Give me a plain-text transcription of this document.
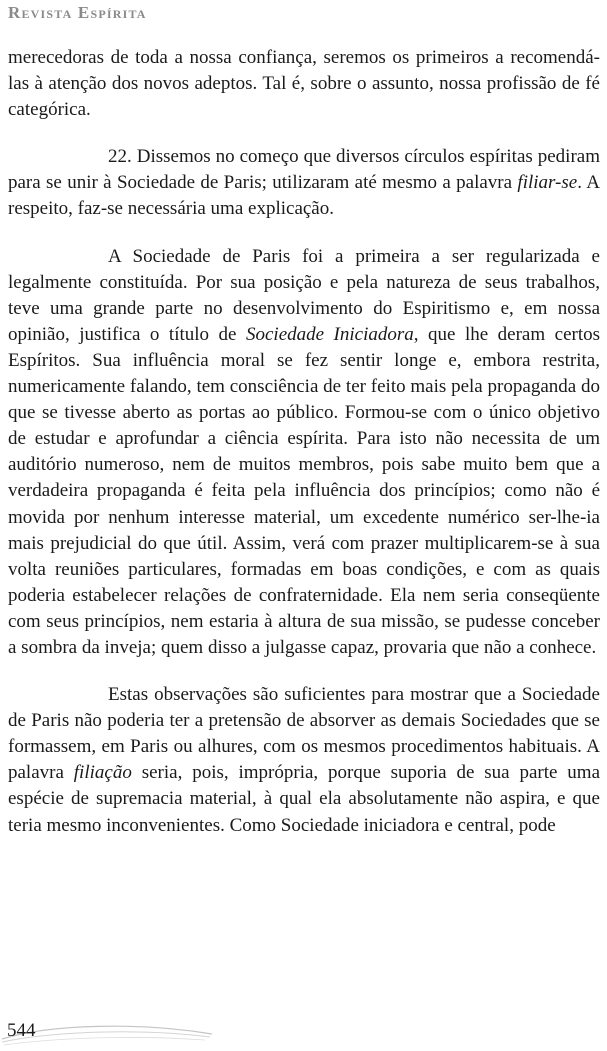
Revista Espírita

merecedoras de toda a nossa confiança, seremos os primeiros a recomendá-las à atenção dos novos adeptos. Tal é, sobre o assunto, nossa profissão de fé categórica.

22. Dissemos no começo que diversos círculos espíritas pediram para se unir à Sociedade de Paris; utilizaram até mesmo a palavra filiar-se. A respeito, faz-se necessária uma explicação.

A Sociedade de Paris foi a primeira a ser regularizada e legalmente constituída. Por sua posição e pela natureza de seus trabalhos, teve uma grande parte no desenvolvimento do Espiritismo e, em nossa opinião, justifica o título de Sociedade Iniciadora, que lhe deram certos Espíritos. Sua influência moral se fez sentir longe e, embora restrita, numericamente falando, tem consciência de ter feito mais pela propaganda do que se tivesse aberto as portas ao público. Formou-se com o único objetivo de estudar e aprofundar a ciência espírita. Para isto não necessita de um auditório numeroso, nem de muitos membros, pois sabe muito bem que a verdadeira propaganda é feita pela influência dos princípios; como não é movida por nenhum interesse material, um excedente numérico ser-lhe-ia mais prejudicial do que útil. Assim, verá com prazer multiplicarem-se à sua volta reuniões particulares, formadas em boas condições, e com as quais poderia estabelecer relações de confraternidade. Ela nem seria conseqüente com seus princípios, nem estaria à altura de sua missão, se pudesse conceber a sombra da inveja; quem disso a julgasse capaz, provaria que não a conhece.

Estas observações são suficientes para mostrar que a Sociedade de Paris não poderia ter a pretensão de absorver as demais Sociedades que se formassem, em Paris ou alhures, com os mesmos procedimentos habituais. A palavra filiação seria, pois, imprópria, porque suporia de sua parte uma espécie de supremacia material, à qual ela absolutamente não aspira, e que teria mesmo inconvenientes. Como Sociedade iniciadora e central, pode

544
